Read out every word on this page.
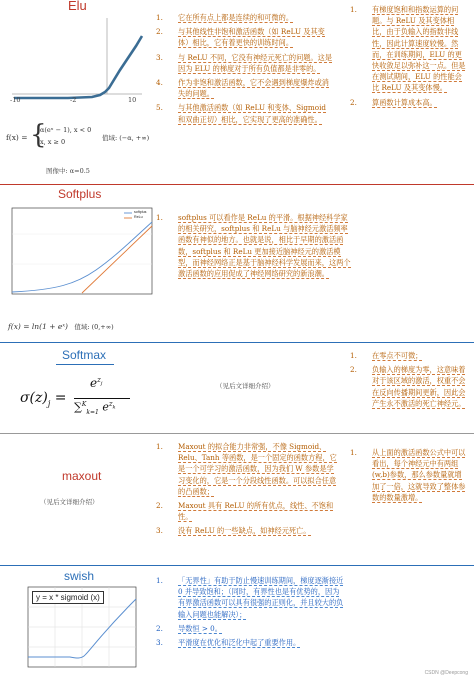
Elu
-10	-2	10
f(x) = {
α(eˣ − 1), x < 0
x, x ≥ 0	值域: (−α, +∞)
图像中: α=0.5
1. 它在所有点上都是连续的和可微的。
2. 与其他线性非饱和激活函数（如 ReLU 及其变体）相比，它有着更快的训练时间。
3. 与 ReLU 不同，它没有神经元死亡的问题。这是因为 ELU 的梯度对于所有负值都是非零的。
4. 作为非饱和激活函数，它不会遇到梯度爆炸或消失的问题。
5. 与其他激活函数（如 ReLU 和变体、Sigmoid 和双曲正切）相比，它实现了更高的准确性。
1. 有梯度饱和和指数运算的问题。与 ReLU 及其变体相比，由于负输入的指数非线性，因此计算速度较慢。然而，在训练期间，ELU 的更快收敛足以弥补这一点。但是在测试期间，ELU 的性能会比 ReLU 及其变体慢。
2. 算函数计算成本高。
Softplus
softplus
ReLu
f(x) = ln(1 + eˣ) 值域: (0,+∞)
1. softplus 可以看作是 ReLu 的平滑。根据神经科学家的相关研究，softplus 和 ReLu 与脑神经元激活频率函数有神似的地方。也就是说，相比于早期的激活函数，softplus 和 ReLu 更加接近脑神经元的激活模型，而神经网络正是基于脑神经科学发展而来，这两个激活函数的应用促成了神经网络研究的新浪潮。
Softmax
$\sigma(z)_j$ =
$e^{z_j}$
∑$^K_{k=1}$ $e^{z_k}$
（见后文详细介绍）
1. 在零点不可微；
2. 负输入的梯度为零，这意味着对于该区域的激活，权重不会在反向传播期间更新，因此会产生永不激活的死亡神经元。
maxout
（见后文详细介绍）
1. Maxout 的拟合能力非常强，不像 Sigmoid、Relu、Tanh 等函数，是一个固定的函数方程，它是一个可学习的激活函数，因为我们 W 参数是学习变化的，它是一个分段线性函数。可以拟合任意的凸函数；
2. Maxout 具有 ReLU 的所有优点，线性、不饱和性。
3. 没有 ReLU 的一些缺点，如神经元死亡。
1. 从上面的激活函数公式中可以看出，每个神经元中有两组(w,b)参数，那么参数量就增加了一倍，这就导致了整体参数的数量激增。
swish
y = x * sigmoid (x)
1. 「无界性」有助于防止慢速训练期间，梯度逐渐接近 0 并导致饱和；（同时，有界性也是有优势的，因为有界激活函数可以具有很强的正则化，并且较大的负输入问题也能解决）；
2. 导数恒 > 0。
3. 平滑度在优化和泛化中起了重要作用。
CSDN @Deepcong
